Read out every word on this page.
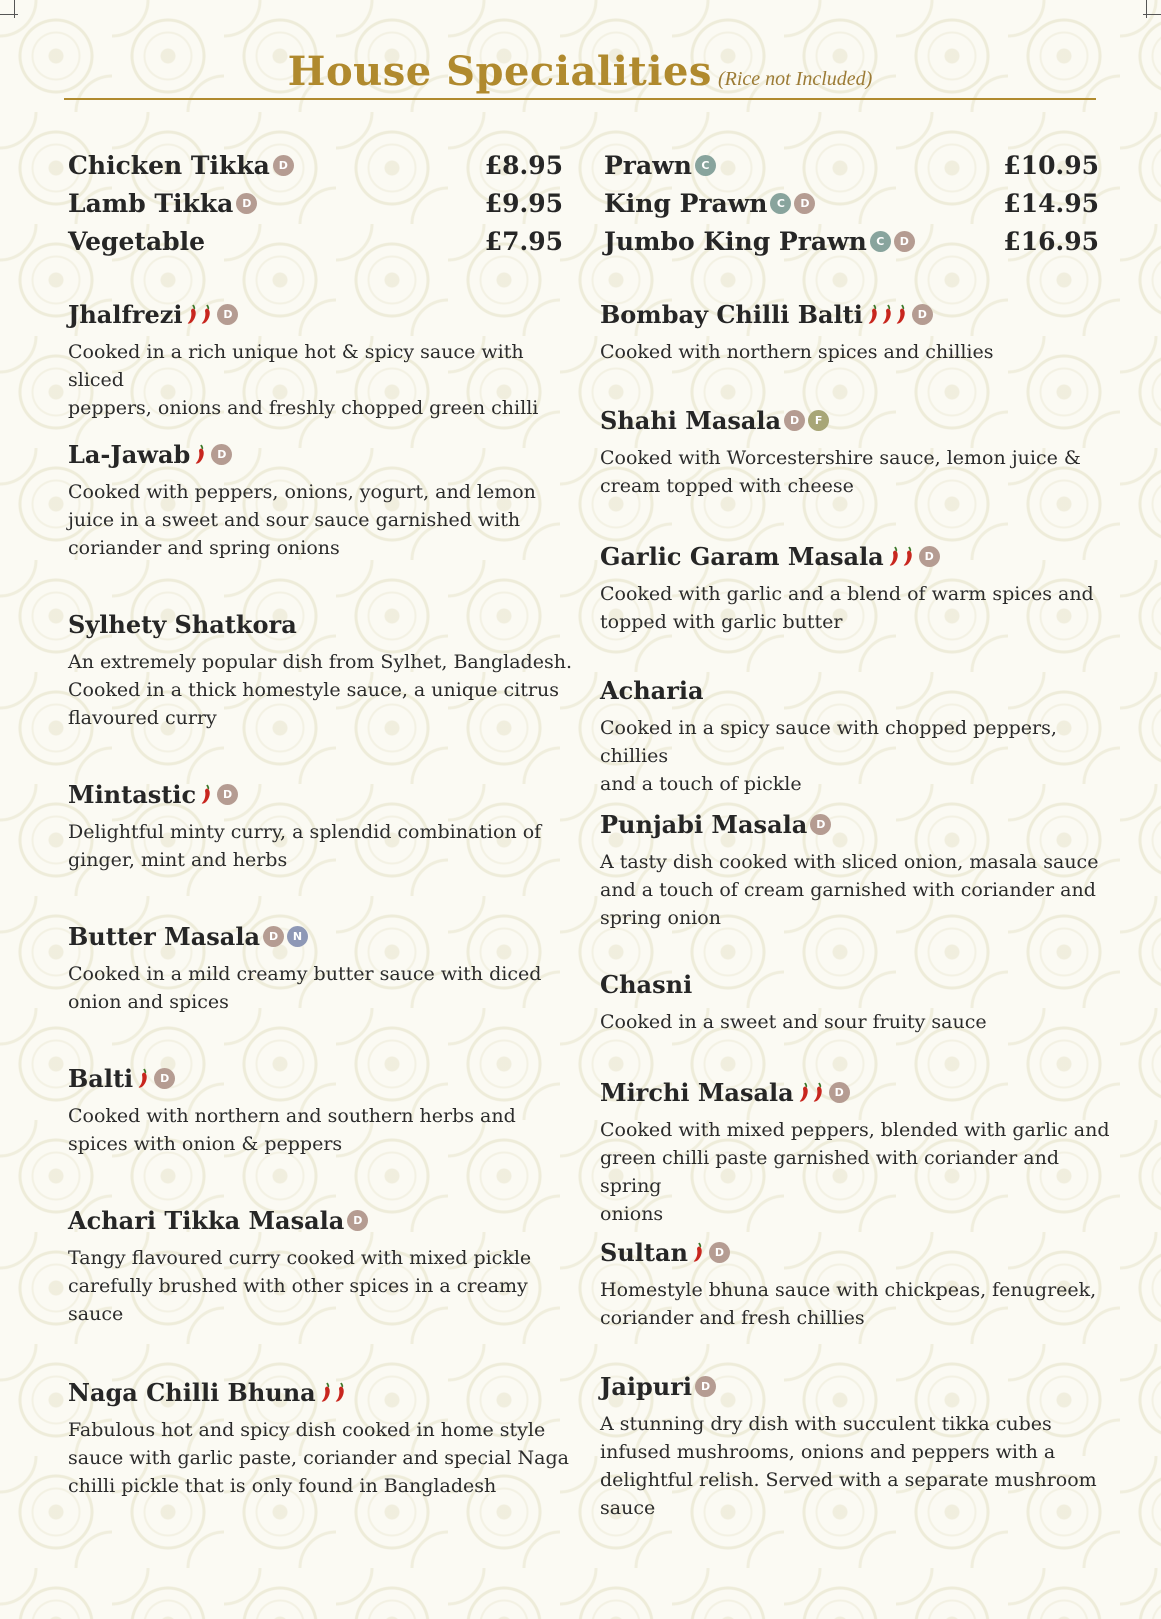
House Specialities (Rice not Included)
Chicken Tikka D	£8.95
Lamb Tikka D	£9.95
Vegetable	£7.95
Prawn C	£10.95
King Prawn C	D	£14.95
Jumbo King Prawn C	D	£16.95
Jhalfrezi	D
Cooked in a rich unique hot & spicy sauce with sliced
peppers, onions and freshly chopped green chilli
La-Jawab	D
Cooked with peppers, onions, yogurt, and lemon
juice in a sweet and sour sauce garnished with
coriander and spring onions
Sylhety Shatkora
An extremely popular dish from Sylhet, Bangladesh.
Cooked in a thick homestyle sauce, a unique citrus
flavoured curry
Mintastic	D
Delightful minty curry, a splendid combination of
ginger, mint and herbs
Butter Masala D	N
Cooked in a mild creamy butter sauce with diced
onion and spices
Balti	D
Cooked with northern and southern herbs and
spices with onion & peppers
Achari Tikka Masala D
Tangy flavoured curry cooked with mixed pickle
carefully brushed with other spices in a creamy
sauce
Naga Chilli Bhuna
Fabulous hot and spicy dish cooked in home style
sauce with garlic paste, coriander and special Naga
chilli pickle that is only found in Bangladesh
Bombay Chilli Balti	D
Cooked with northern spices and chillies
Shahi Masala D	F
Cooked with Worcestershire sauce, lemon juice &
cream topped with cheese
Garlic Garam Masala	D
Cooked with garlic and a blend of warm spices and
topped with garlic butter
Acharia
Cooked in a spicy sauce with chopped peppers, chillies
and a touch of pickle
Punjabi Masala D
A tasty dish cooked with sliced onion, masala sauce
and a touch of cream garnished with coriander and
spring onion
Chasni
Cooked in a sweet and sour fruity sauce
Mirchi Masala	D
Cooked with mixed peppers, blended with garlic and
green chilli paste garnished with coriander and spring
onions
Sultan	D
Homestyle bhuna sauce with chickpeas, fenugreek,
coriander and fresh chillies
Jaipuri D
A stunning dry dish with succulent tikka cubes
infused mushrooms, onions and peppers with a
delightful relish. Served with a separate mushroom
sauce
